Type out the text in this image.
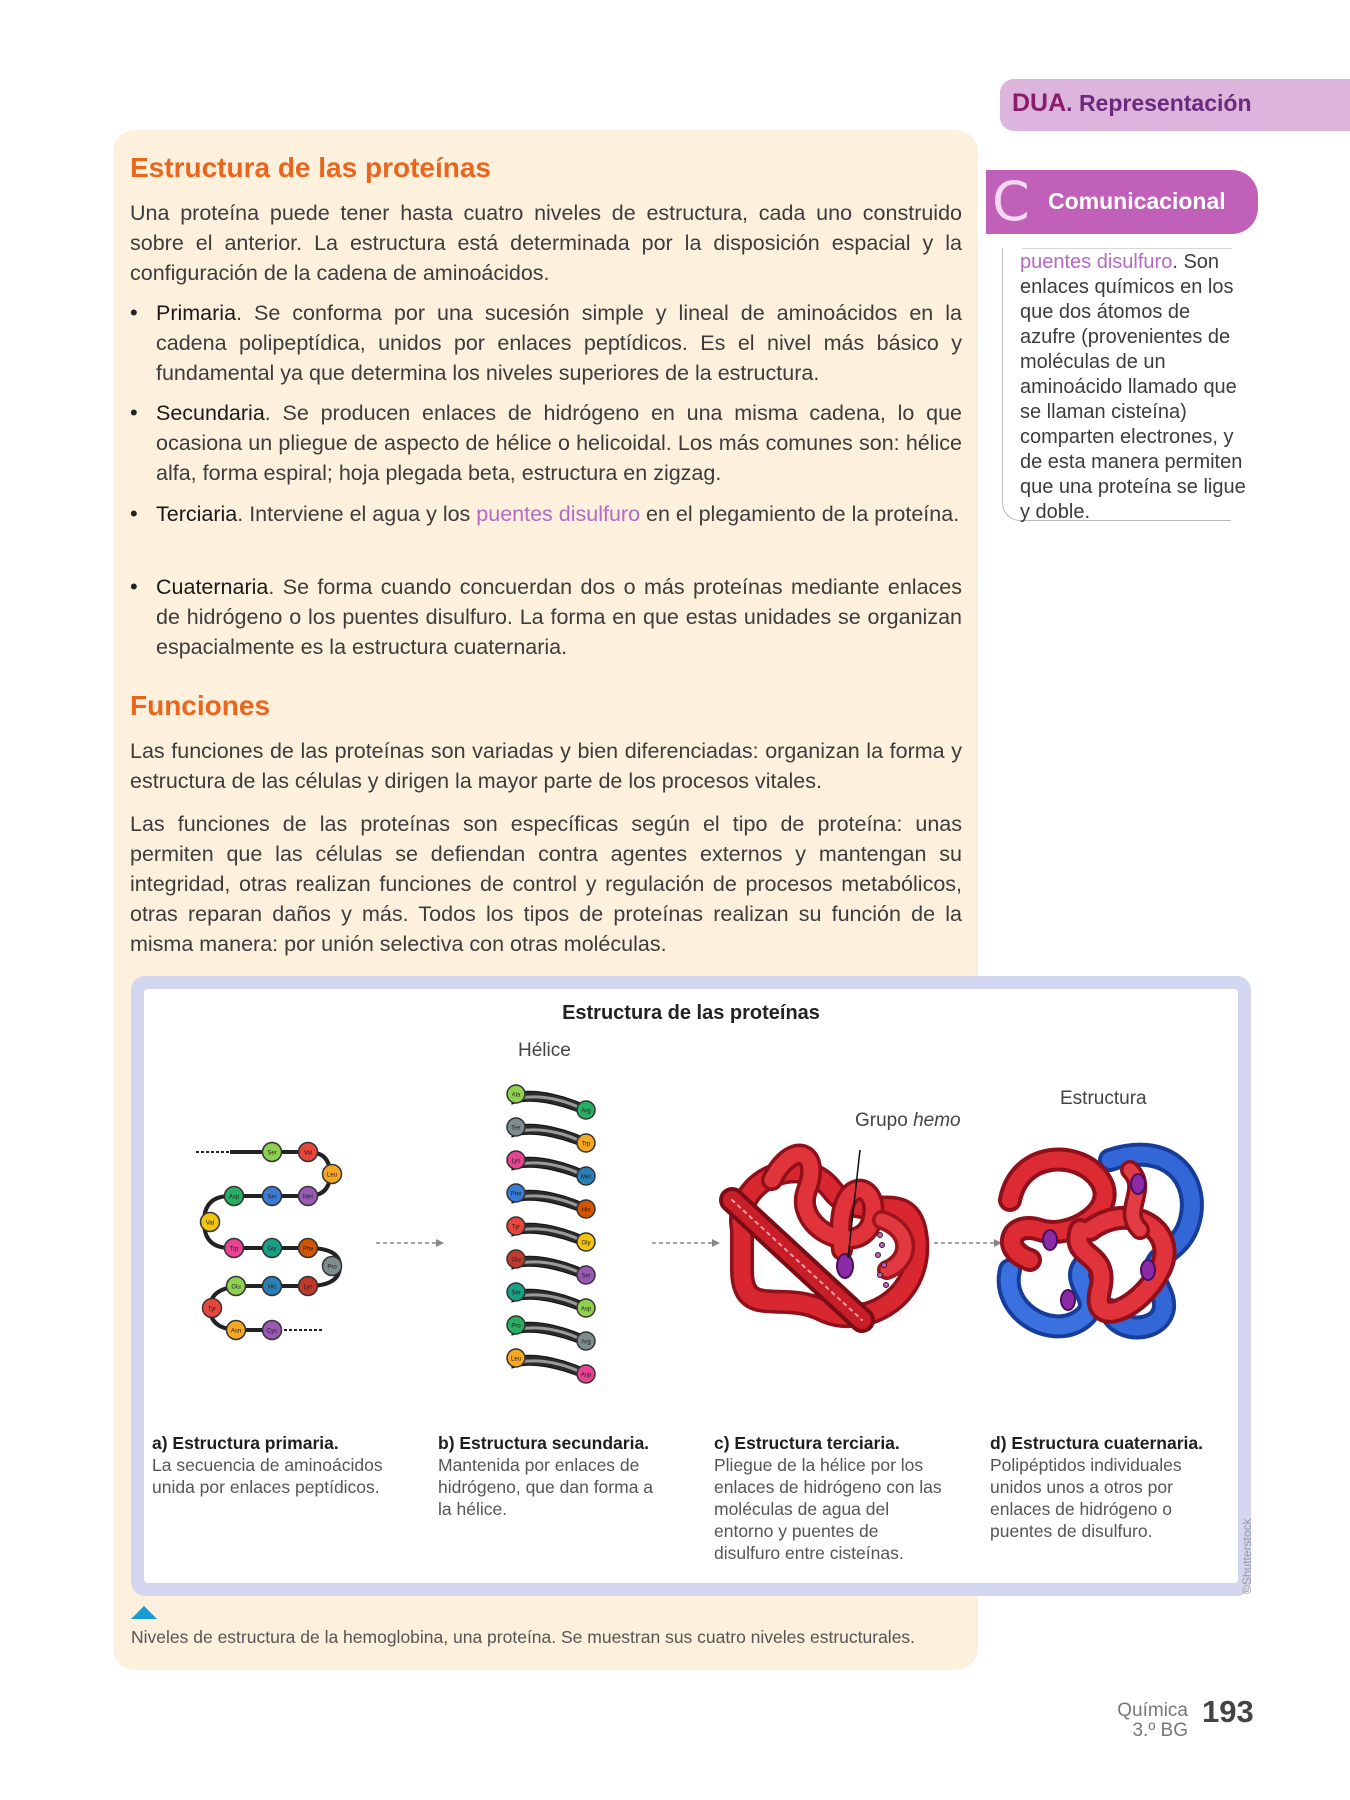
DUA. Representación
Estructura de las proteínas

Una proteína puede tener hasta cuatro niveles de estructura, cada uno construido sobre el anterior. La estructura está determinada por la disposición espacial y la configuración de la cadena de aminoácidos.

• Primaria. Se conforma por una sucesión simple y lineal de aminoácidos en la cadena polipeptídica, unidos por enlaces peptídicos. Es el nivel más básico y fundamental ya que determina los niveles superiores de la estructura.
• Secundaria. Se producen enlaces de hidrógeno en una misma cadena, lo que ocasiona un pliegue de aspecto de hélice o helicoidal. Los más comunes son: hélice alfa, forma espiral; hoja plegada beta, estructura en zigzag.
• Terciaria. Interviene el agua y los puentes disulfuro en el plegamiento de la proteína.
• Cuaternaria. Se forma cuando concuerdan dos o más proteínas mediante enlaces de hidrógeno o los puentes disulfuro. La forma en que estas unidades se organizan espacialmente es la estructura cuaternaria.
Funciones

Las funciones de las proteínas son variadas y bien diferenciadas: organizan la forma y estructura de las células y dirigen la mayor parte de los procesos vitales.

Las funciones de las proteínas son específicas según el tipo de proteína: unas permiten que las células se defiendan contra agentes externos y mantengan su integridad, otras realizan funciones de control y regulación de procesos metabólicos, otras reparan daños y más. Todos los tipos de proteínas realizan su función de la misma manera: por unión selectiva con otras moléculas.

C Comunicacional
puentes disulfuro. Son enlaces químicos en los que dos átomos de azufre (provenientes de moléculas de un aminoácido llamado que se llaman cisteína) comparten electrones, y de esta manera permiten que una proteína se ligue y doble.
Estructura de las proteínas
Hélice
Grupo hemo
Estructura
Ser	Val
Leu
Met
Ser
Asp
Val
Trp	Gly	Phe
Pro
Lys
His
Glu
Tyr
Asn	Cys
Ala
Arg
Ser
Trp
Lys
Met
Phe
His
Tyr
Gly
Glu
Ser
Ser
Asp
Pro
Arg
Leu
Asp
a) Estructura primaria.
La secuencia de aminoácidos unida por enlaces peptídicos.
b) Estructura secundaria.
Mantenida por enlaces de hidrógeno, que dan forma a la hélice.
c) Estructura terciaria.
Pliegue de la hélice por los enlaces de hidrógeno con las moléculas de agua del entorno y puentes de disulfuro entre cisteínas.
d) Estructura cuaternaria.
Polipéptidos individuales unidos unos a otros por enlaces de hidrógeno o puentes de disulfuro.	©Shutterstock
Niveles de estructura de la hemoglobina, una proteína. Se muestran sus cuatro niveles estructurales.
Química
3.º BG
193
